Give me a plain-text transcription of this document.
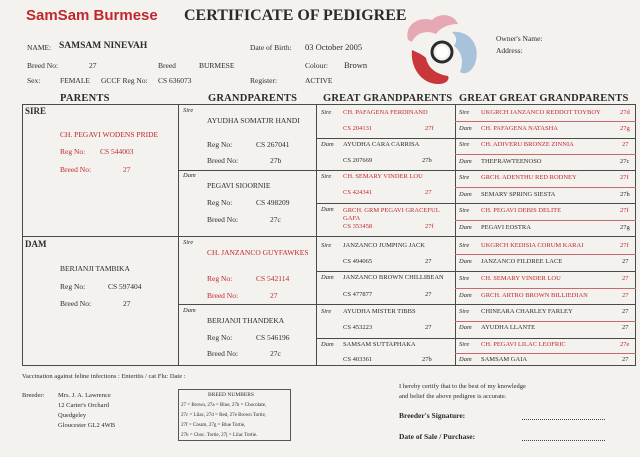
SamSam Burmese CERTIFICATE OF PEDIGREE
Owner's Name:
Address:
NAME: SAMSAM NINEVAH	Date of Birth: 03 October 2005
Breed No:	27	Breed	BURMESE	Colour: Brown
Sex:	FEMALE GCCF Reg No: CS 636073	Register:	ACTIVE
PARENTS	GRANDPARENTS GREAT GRANDPARENTS GREAT GREAT GRANDPARENTS
SIRE
CH. PEGAVI WODENS PRIDE
Reg No: CS 544003
Breed No:	27
DAM
BERJANJI TAMBIKA
Reg No:	CS 597404
Breed No:	27
Sire
AYUDHA SOMATJR HANDI
Reg No:	CS 267041
Breed No:	27b
Dam
PEGAVI SIOORNIE
Reg No:	CS 498209
Breed No:	27c
Sire
CH. JANZANCO GUYFAWKES
Reg No:	CS 542114
Breed No:	27
Dam
BERJANJI THANDEKA
Reg No:	CS 546196
Breed No:	27c
Sire CH. PAFAGENA FERDINAND
CS 204131	27f
Dam AYUDHA CARA CARRISA
CS 207669	27b
Sire CH. SEMARY VINDER LOU
CS 424341	27
Dam GRCH. GRM PEGAVI GRACEFUL GAFA
CS 353458	27f
Sire JANZANCO JUMPING JACK
CS 494065	27
Dam JANZANCO BROWN CHILLIBEAN
CS 477877	27
Sire AYUDHA MISTER TIBBS
CS 453223	27
Dam SAMSAM SUTTAPHAKA
CS 403361	27b
Sire UKGRCH JANZANCO REDDOT TOYBOY	27d
Dam CH. PAFAGENA NATASHA	27g
Sire CH. ADIVERU BRONZE ZINNIA	27
Dam THEFRAWTEENOSO	27c
Sire GRCH. ADENTHU RED RODNEY	27f
Dam SEMARY SPRING SIESTA	27h
Sire CH. PEGAVI DEBIS DELITE	27f
Dam PEGAVI EOSTRA	27g
Sire UKGRCH KEDISIA CORUM KARAI	27f
Dam JANZANCO FILDREE LACE	27
Sire CH. SEMARY VINDER LOU	27
Dam GRCH. ARTRO BROWN BILLIEDIAN	27
Sire CHINEARA CHARLEY FARLEY	27
Dam AYUDHA LLANTE	27
Sire CH. PEGAVI LILAC LEOFRIC	27e
Dam SAMSAM GAIA	27
Vaccination against feline infections : Enteritis / cat Flu: Date :
Breeder: Mrs. J. A. Lawrence
12 Carter's Orchard
Quedgeley
Gloucester GL2 4WB
BREED NUMBERS
27 = Brown, 27a = Blue, 27b = Chocolate,
27c = Lilac, 27d = Red, 27e Brown Tortie,
27f = Cream, 27g = Blue Tortie,
27h = Choc. Tortie, 27j = Lilac Tortie.
I hereby certify that to the best of my knowledge
and belief the above pedigree is accurate.
Breeder's Signature:
Date of Sale / Purchase:
